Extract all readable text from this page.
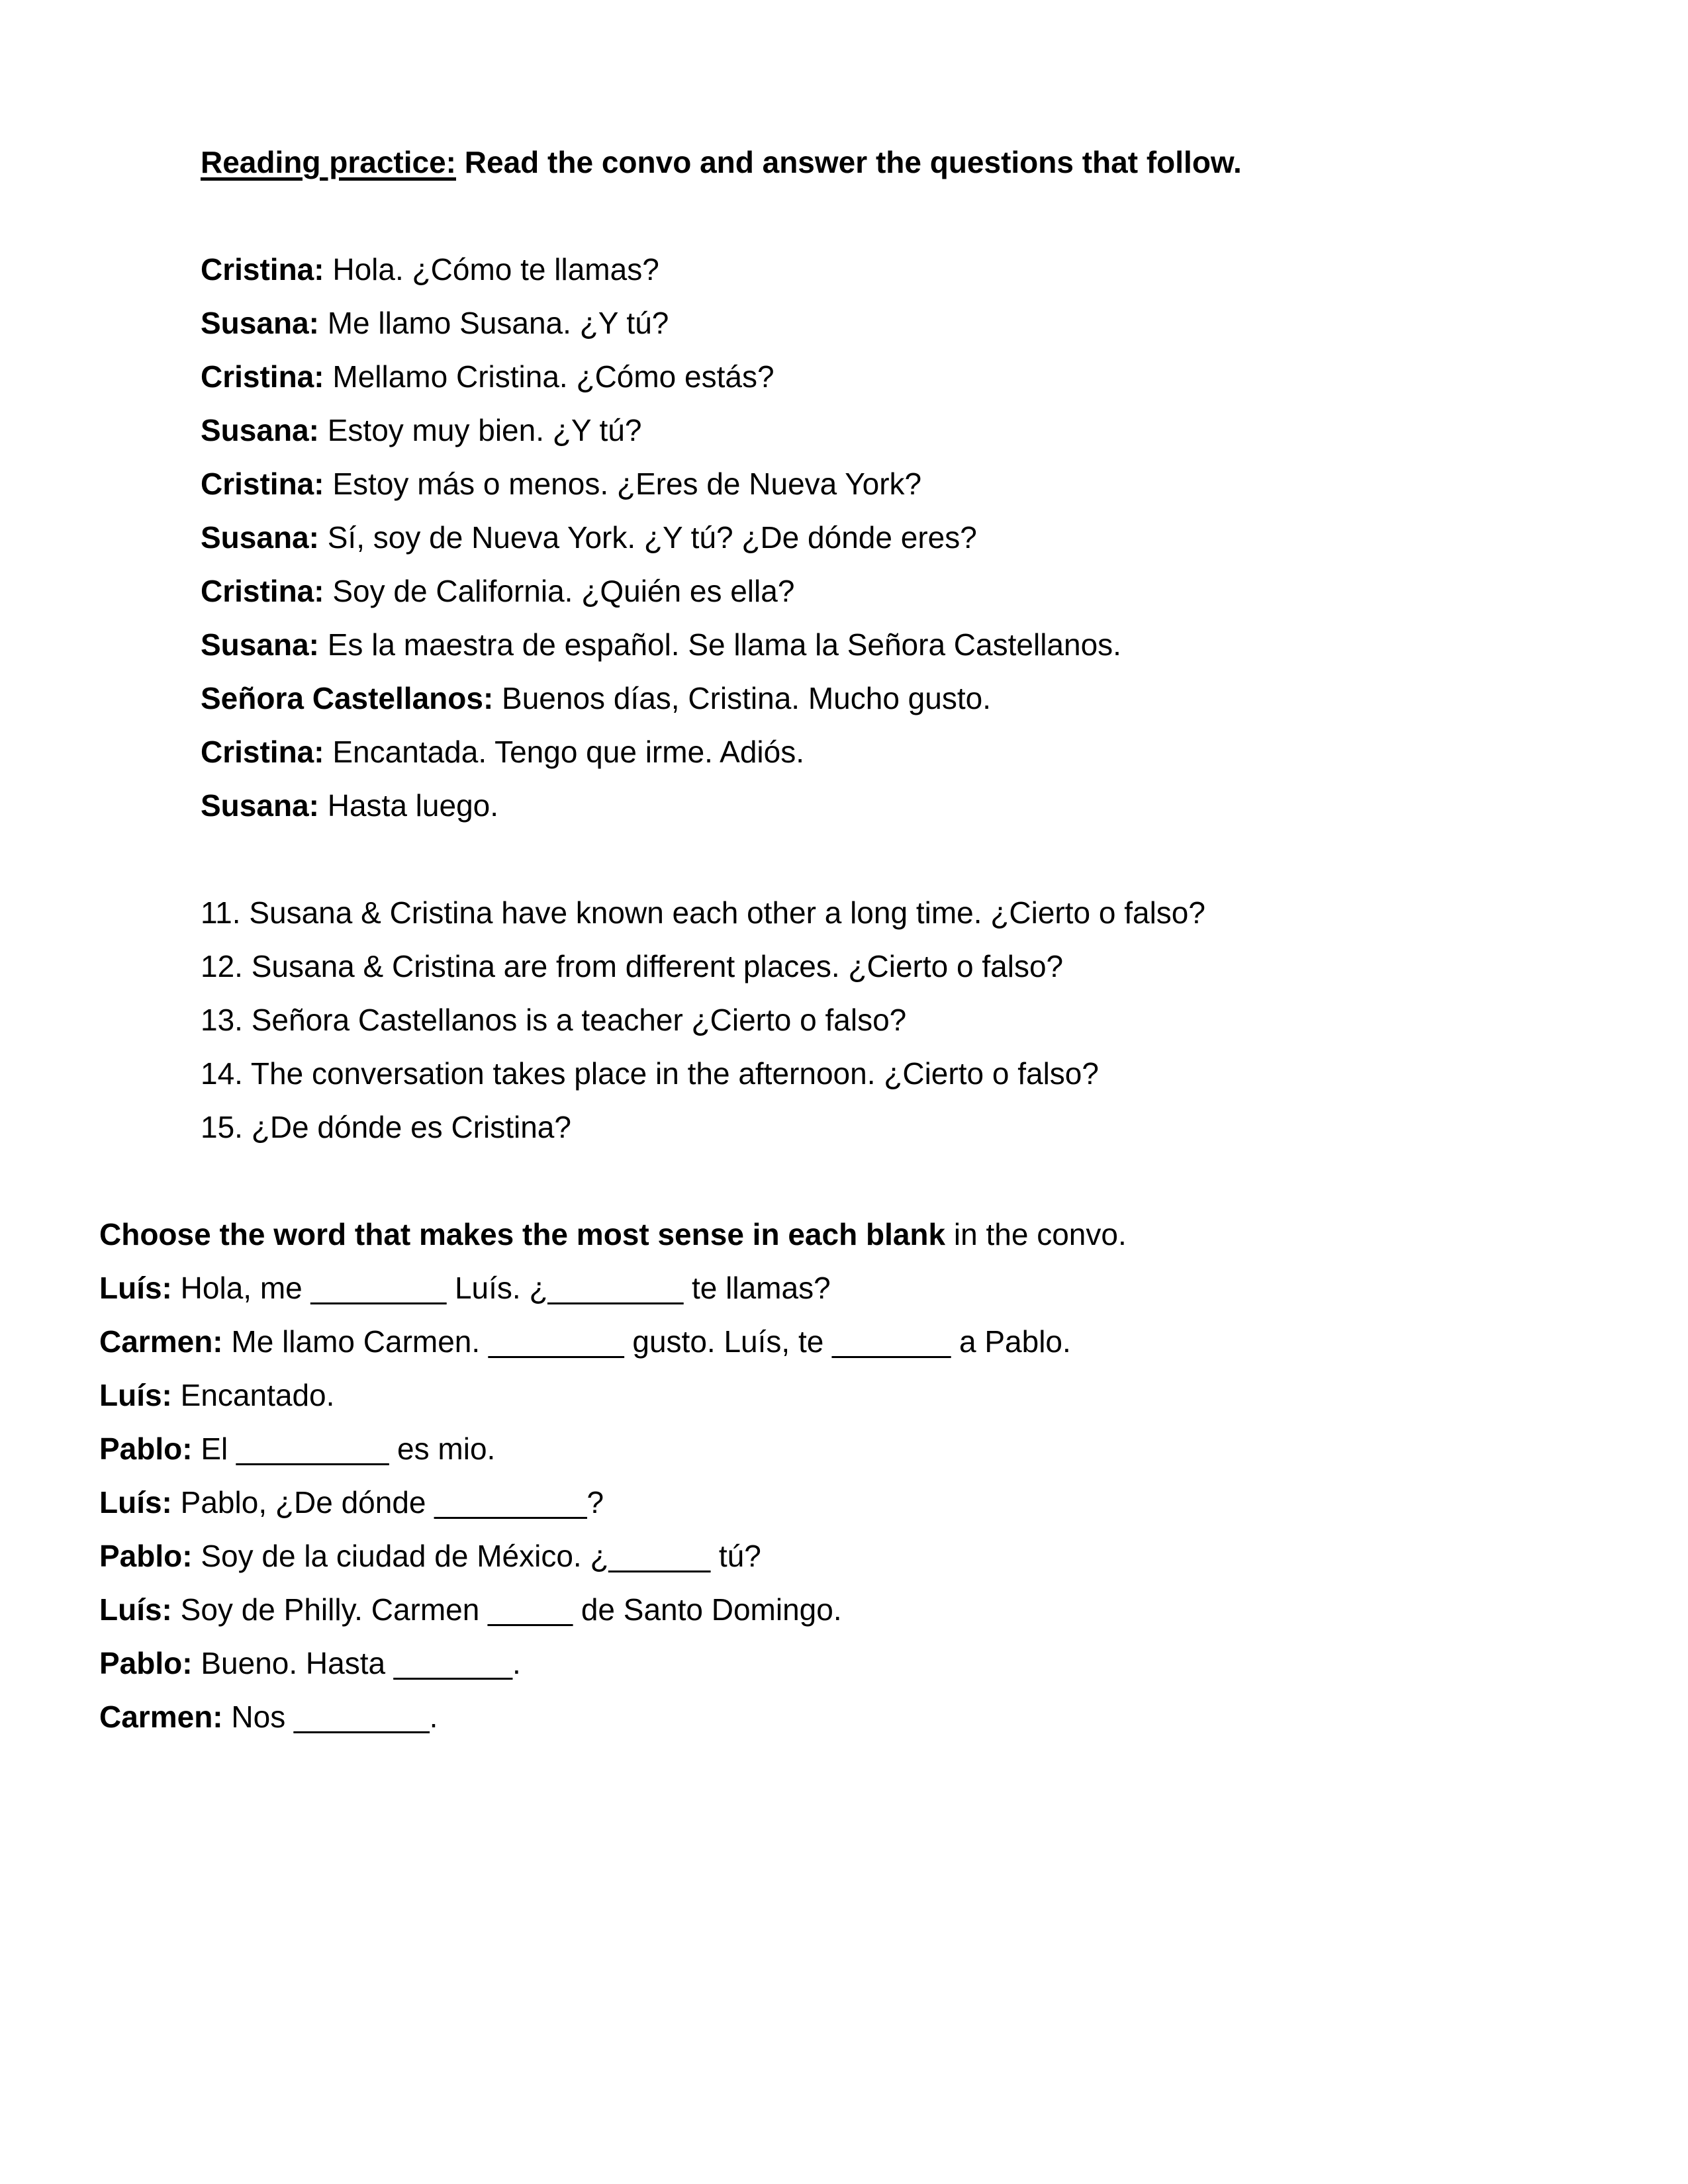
Reading practice: Read the convo and answer the questions that follow.

Cristina: Hola. ¿Cómo te llamas?

Susana: Me llamo Susana. ¿Y tú?

Cristina: Mellamo Cristina. ¿Cómo estás?

Susana: Estoy muy bien. ¿Y tú?

Cristina: Estoy más o menos. ¿Eres de Nueva York?

Susana: Sí, soy de Nueva York. ¿Y tú? ¿De dónde eres?

Cristina: Soy de California. ¿Quién es ella?

Susana: Es la maestra de español. Se llama la Señora Castellanos.

Señora Castellanos: Buenos días, Cristina. Mucho gusto.

Cristina: Encantada. Tengo que irme. Adiós.

Susana: Hasta luego.

11. Susana & Cristina have known each other a long time. ¿Cierto o falso?

12. Susana & Cristina are from different places. ¿Cierto o falso?

13. Señora Castellanos is a teacher ¿Cierto o falso?

14. The conversation takes place in the afternoon. ¿Cierto o falso?

15. ¿De dónde es Cristina?

Choose the word that makes the most sense in each blank in the convo.

Luís: Hola, me ________ Luís. ¿________ te llamas?

Carmen: Me llamo Carmen. ________ gusto. Luís, te _______ a Pablo.

Luís: Encantado.

Pablo: El _________ es mio.

Luís: Pablo, ¿De dónde _________?

Pablo: Soy de la ciudad de México. ¿______ tú?

Luís: Soy de Philly. Carmen _____ de Santo Domingo.

Pablo: Bueno. Hasta _______.

Carmen: Nos ________.
